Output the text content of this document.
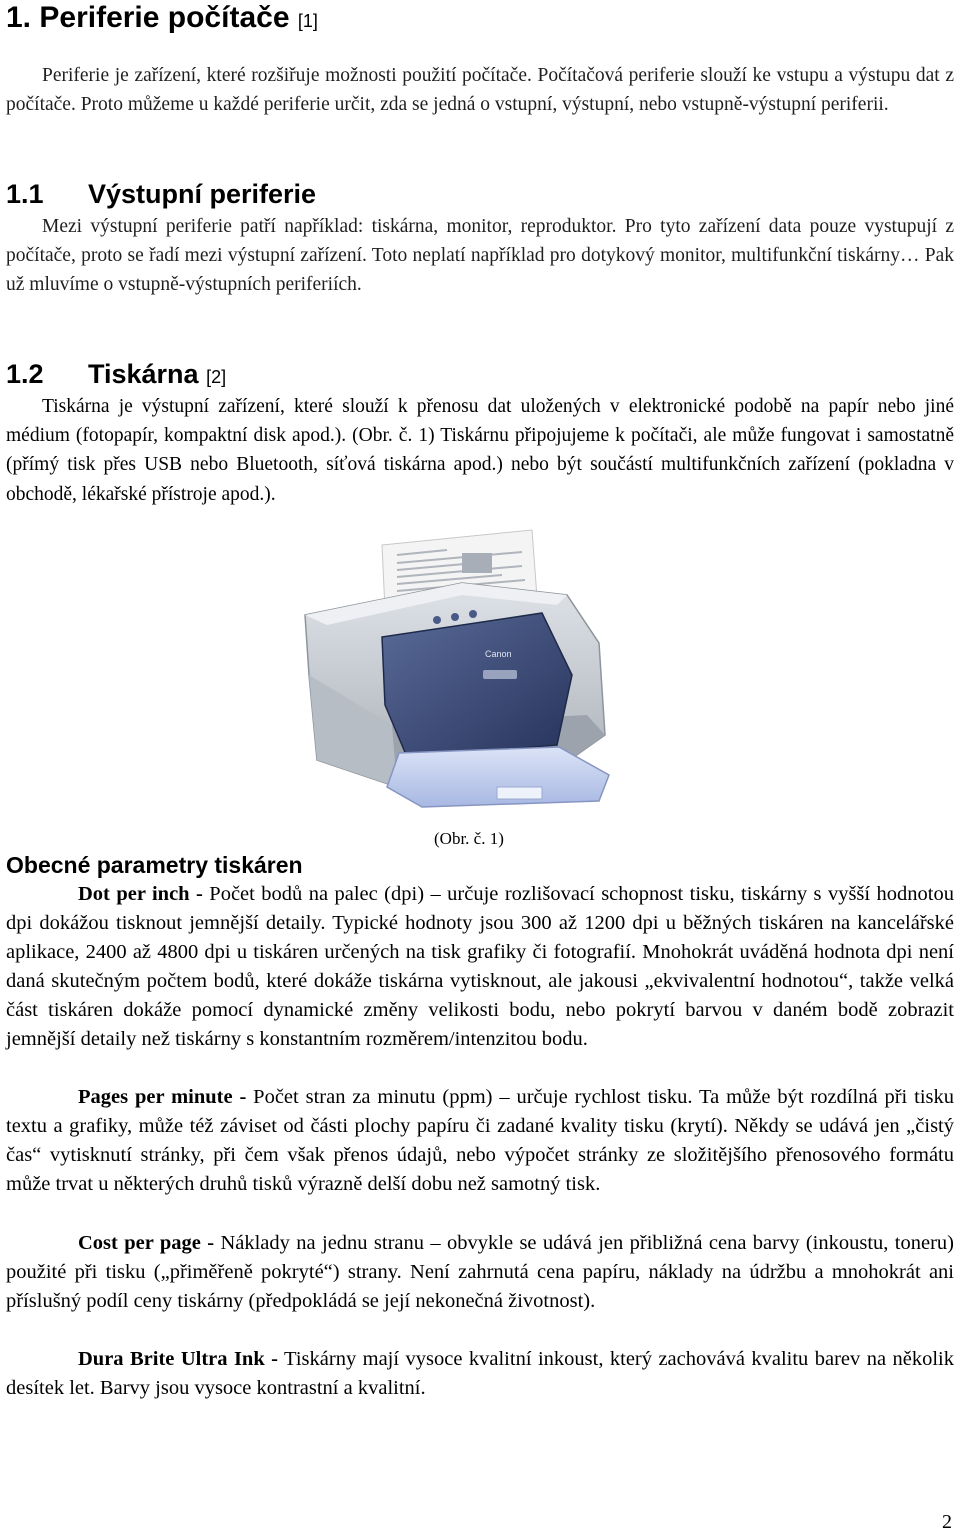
1. Periferie počítače [1]

Periferie je zařízení, které rozšiřuje možnosti použití počítače. Počítačová periferie slouží ke vstupu a výstupu dat z počítače. Proto můžeme u každé periferie určit, zda se jedná o vstupní, výstupní, nebo vstupně-výstupní periferii.

1.1 Výstupní periferie

Mezi výstupní periferie patří například: tiskárna, monitor, reproduktor. Pro tyto zařízení data pouze vystupují z počítače, proto se řadí mezi výstupní zařízení. Toto neplatí například pro dotykový monitor, multifunkční tiskárny… Pak už mluvíme o vstupně-výstupních periferiích.

1.2 Tiskárna [2]

Tiskárna je výstupní zařízení, které slouží k přenosu dat uložených v elektronické podobě na papír nebo jiné médium (fotopapír, kompaktní disk apod.). (Obr. č. 1) Tiskárnu připojujeme k počítači, ale může fungovat i samostatně (přímý tisk přes USB nebo Bluetooth, síťová tiskárna apod.) nebo být součástí multifunkčních zařízení (pokladna v obchodě, lékařské přístroje apod.).

Canon
(Obr. č. 1)
Obecné parametry tiskáren

Dot per inch - Počet bodů na palec (dpi) – určuje rozlišovací schopnost tisku, tiskárny s vyšší hodnotou dpi dokážou tisknout jemnější detaily. Typické hodnoty jsou 300 až 1200 dpi u běžných tiskáren na kancelářské aplikace, 2400 až 4800 dpi u tiskáren určených na tisk grafiky či fotografií. Mnohokrát uváděná hodnota dpi není daná skutečným počtem bodů, které dokáže tiskárna vytisknout, ale jakousi „ekvivalentní hodnotou“, takže velká část tiskáren dokáže pomocí dynamické změny velikosti bodu, nebo pokrytí barvou v daném bodě zobrazit jemnější detaily než tiskárny s konstantním rozměrem/intenzitou bodu.

Pages per minute - Počet stran za minutu (ppm) – určuje rychlost tisku. Ta může být rozdílná při tisku textu a grafiky, může též záviset od části plochy papíru či zadané kvality tisku (krytí). Někdy se udává jen „čistý čas“ vytisknutí stránky, při čem však přenos údajů, nebo výpočet stránky ze složitějšího přenosového formátu může trvat u některých druhů tisků výrazně delší dobu než samotný tisk.

Cost per page - Náklady na jednu stranu – obvykle se udává jen přibližná cena barvy (inkoustu, toneru) použité při tisku („přiměřeně pokryté“) strany. Není zahrnutá cena papíru, náklady na údržbu a mnohokrát ani příslušný podíl ceny tiskárny (předpokládá se její nekonečná životnost).

Dura Brite Ultra Ink - Tiskárny mají vysoce kvalitní inkoust, který zachovává kvalitu barev na několik desítek let. Barvy jsou vysoce kontrastní a kvalitní.

2
